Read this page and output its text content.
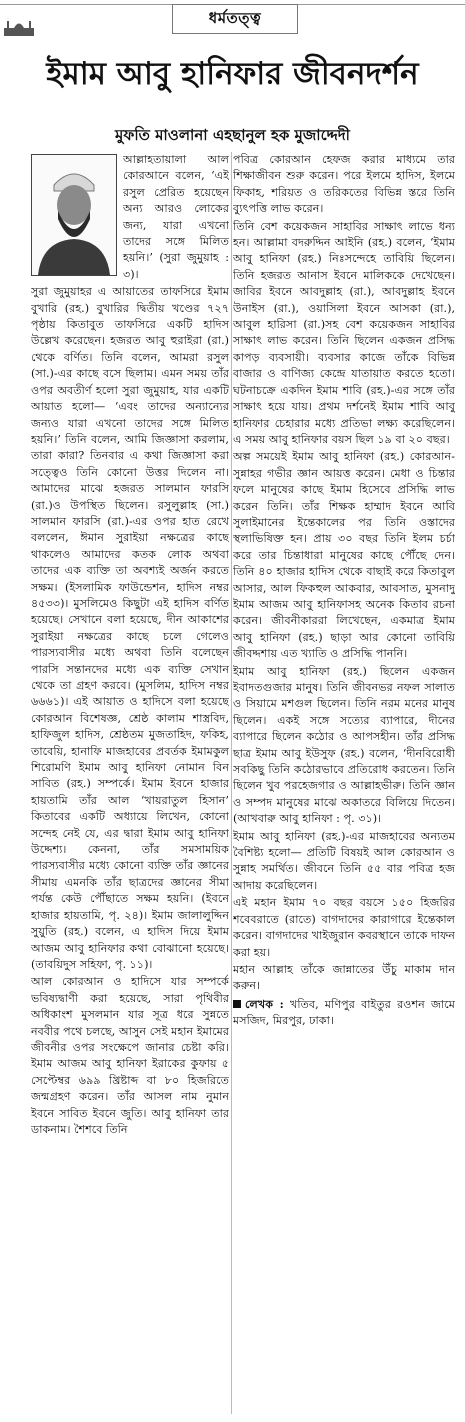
ধর্মতত্ত্ব
ইমাম আবু হানিফার জীবনদর্শন
মুফতি মাওলানা এহছানুল হক মুজাদ্দেদী

আল্লাহতায়ালা আল কোরআনে বলেন, ‘এই রসুল প্রেরিত হয়েছেন অন্য আরও লোকের জন্য, যারা এখনো তাদের সঙ্গে মিলিত হয়নি।’ (সুরা জুমুয়াহ : ৩)।

সুরা জুমুয়াহর এ আয়াতের তাফসিরে ইমাম বুখারি (রহ.) বুখারির দ্বিতীয় খণ্ডের ৭২৭ পৃষ্ঠায় কিতাবুত তাফসিরে একটি হাদিস উল্লেখ করেছেন। হজরত আবু হুরাইরা (রা.) থেকে বর্ণিত। তিনি বলেন, আমরা রসুল (সা.)-এর কাছে বসে ছিলাম। এমন সময় তাঁর ওপর অবতীর্ণ হলো সুরা জুমুয়াহ, যার একটি আয়াত হলো— ‘এবং তাদের অন্যান্যের জন্যও যারা এখনো তাদের সঙ্গে মিলিত হয়নি।’ তিনি বলেন, আমি জিজ্ঞাসা করলাম, তারা কারা? তিনবার এ কথা জিজ্ঞাসা করা সত্ত্বেও তিনি কোনো উত্তর দিলেন না। আমাদের মাঝে হজরত সালমান ফারসি (রা.)ও উপস্থিত ছিলেন। রসুলুল্লাহ (সা.) সালমান ফারসি (রা.)-এর ওপর হাত রেখে বললেন, ঈমান সুরাইয়া নক্ষত্রের কাছে থাকলেও আমাদের কতক লোক অথবা তাদের এক ব্যক্তি তা অবশ্যই অর্জন করতে সক্ষম। (ইসলামিক ফাউন্ডেশন, হাদিস নম্বর ৪৫৩৩)। মুসলিমেও কিছুটা এই হাদিস বর্ণিত হয়েছে। সেখানে বলা হয়েছে, দীন আকাশের সুরাইয়া নক্ষত্রের কাছে চলে গেলেও পারস্যবাসীর মধ্যে অথবা তিনি বলেছেন পারসি সন্তানদের মধ্যে এক ব্যক্তি সেখান থেকে তা গ্রহণ করবে। (মুসলিম, হাদিস নম্বর ৬৬৬১)। এই আয়াত ও হাদিসে বলা হয়েছে কোরআন বিশেষজ্ঞ, শ্রেষ্ঠ কালাম শাস্ত্রবিদ, হাফিজুল হাদিস, শ্রেষ্ঠতম মুজতাহিদ, ফকিহ, তাবেয়ি, হানাফি মাজহাবের প্রবর্তক ইমামকুল শিরোমণি ইমাম আবু হানিফা নোমান বিন সাবিত (রহ.) সম্পর্কে। ইমাম ইবনে হাজার হায়তামি তাঁর আল ‘খায়রাতুল হিসান’ কিতাবের একটি অধ্যায়ে লিখেন, কোনো সন্দেহ নেই যে, এর দ্বারা ইমাম আবু হানিফা উদ্দেশ্য। কেননা, তাঁর সমসাময়িক পারস্যবাসীর মধ্যে কোনো ব্যক্তি তাঁর জ্ঞানের সীমায় এমনকি তাঁর ছাত্রদের জ্ঞানের সীমা পর্যন্ত কেউ পৌঁছাতে সক্ষম হয়নি। (ইবনে হাজার হায়তামি, পৃ. ২৪)। ইমাম জালালুদ্দিন সুয়ুতি (রহ.) বলেন, এ হাদিস দিয়ে ইমাম আজম আবু হানিফার কথা বোঝানো হয়েছে। (তাবয়িদুস সহিফা, পৃ. ১১)।

আল কোরআন ও হাদিসে যার সম্পর্কে ভবিষ্যদ্বাণী করা হয়েছে, সারা পৃথিবীর অধিকাংশ মুসলমান যার সূত্র ধরে সুন্নতে নববীর পথে চলছে, আসুন সেই মহান ইমামের জীবনীর ওপর সংক্ষেপে জানার চেষ্টা করি। ইমাম আজম আবু হানিফা ইরাকের কুফায় ৫ সেপ্টেম্বর ৬৯৯ খ্রিষ্টাব্দ বা ৮০ হিজরিতে জন্মগ্রহণ করেন। তাঁর আসল নাম নুমান ইবনে সাবিত ইবনে জুতি। আবু হানিফা তার ডাকনাম। শৈশবে তিনি

পবিত্র কোরআন হেফজ করার মাধ্যমে তার শিক্ষাজীবন শুরু করেন। পরে ইলমে হাদিস, ইলমে ফিকাহ, শরিয়ত ও তরিকতের বিভিন্ন স্তরে তিনি ব্যুৎপত্তি লাভ করেন।

তিনি বেশ কয়েকজন সাহাবির সাক্ষাৎ লাভে ধন্য হন। আল্লামা বদরুদ্দিন আইনি (রহ.) বলেন, ‘ইমাম আবু হানিফা (রহ.) নিঃসন্দেহে তাবিয়ি ছিলেন। তিনি হজরত আনাস ইবনে মালিককে দেখেছেন। জাবির ইবনে আবদুল্লাহ (রা.), আবদুল্লাহ ইবনে উনাইস (রা.), ওয়াসিলা ইবনে আসকা (রা.), আবুল হারিসা (রা.)সহ বেশ কয়েকজন সাহাবির সাক্ষাৎ লাভ করেন। তিনি ছিলেন একজন প্রসিদ্ধ কাপড় ব্যবসায়ী। ব্যবসার কাজে তাঁকে বিভিন্ন বাজার ও বাণিজ্য কেন্দ্রে যাতায়াত করতে হতো। ঘটনাচক্রে একদিন ইমাম শাবি (রহ.)-এর সঙ্গে তাঁর সাক্ষাৎ হয়ে যায়। প্রথম দর্শনেই ইমাম শাবি আবু হানিফার চেহারার মধ্যে প্রতিভা লক্ষ্য করেছিলেন। এ সময় আবু হানিফার বয়স ছিল ১৯ বা ২০ বছর।

অল্প সময়েই ইমাম আবু হানিফা (রহ.) কোরআন-সুন্নাহর গভীর জ্ঞান আয়ত্ত করেন। মেধা ও চিন্তার ফলে মানুষের কাছে ইমাম হিসেবে প্রসিদ্ধি লাভ করেন তিনি। তাঁর শিক্ষক হাম্মাদ ইবনে আবি সুলাইমানের ইন্তেকালের পর তিনি ওস্তাদের স্থলাভিষিক্ত হন। প্রায় ৩০ বছর তিনি ইলম চর্চা করে তার চিন্তাধারা মানুষের কাছে পৌঁছে দেন। তিনি ৪০ হাজার হাদিস থেকে বাছাই করে কিতাবুল আসার, আল ফিকহুল আকবার, আবসাত, মুসনাদু ইমাম আজম আবু হানিফাসহ অনেক কিতাব রচনা করেন। জীবনীকাররা লিখেছেন, একমাত্র ইমাম আবু হানিফা (রহ.) ছাড়া আর কোনো তাবিয়ি জীবদ্দশায় এত খ্যাতি ও প্রসিদ্ধি পাননি।

ইমাম আবু হানিফা (রহ.) ছিলেন একজন ইবাদতগুজার মানুষ। তিনি জীবনভর নফল সালাত ও সিয়ামে মশগুল ছিলেন। তিনি নরম মনের মানুষ ছিলেন। একই সঙ্গে সত্যের ব্যাপারে, দীনের ব্যাপারে ছিলেন কঠোর ও আপসহীন। তাঁর প্রসিদ্ধ ছাত্র ইমাম আবু ইউসুফ (রহ.) বলেন, ‘দীনবিরোধী সবকিছু তিনি কঠোরভাবে প্রতিরোধ করতেন। তিনি ছিলেন খুব পরহেজগার ও আল্লাহভীরু। তিনি জ্ঞান ও সম্পদ মানুষের মাঝে অকাতরে বিলিয়ে দিতেন। (আখবারু আবু হানিফা : পৃ. ৩১)।

ইমাম আবু হানিফা (রহ.)-এর মাজহাবের অন্যতম বৈশিষ্ট্য হলো— প্রতিটি বিষয়ই আল কোরআন ও সুন্নাহ সমর্থিত। জীবনে তিনি ৫৫ বার পবিত্র হজ আদায় করেছিলেন।

এই মহান ইমাম ৭০ বছর বয়সে ১৫০ হিজরির শবেবরাতে (রাতে) বাগদাদের কারাগারে ইন্তেকাল করেন। বাগদাদের খাইজুরান কবরস্থানে তাকে দাফন করা হয়।

মহান আল্লাহ তাঁকে জান্নাতের উঁচু মাকাম দান করুন।

লেখক : খতিব, মণিপুর বাইতুর রওশন জামে মসজিদ, মিরপুর, ঢাকা।
